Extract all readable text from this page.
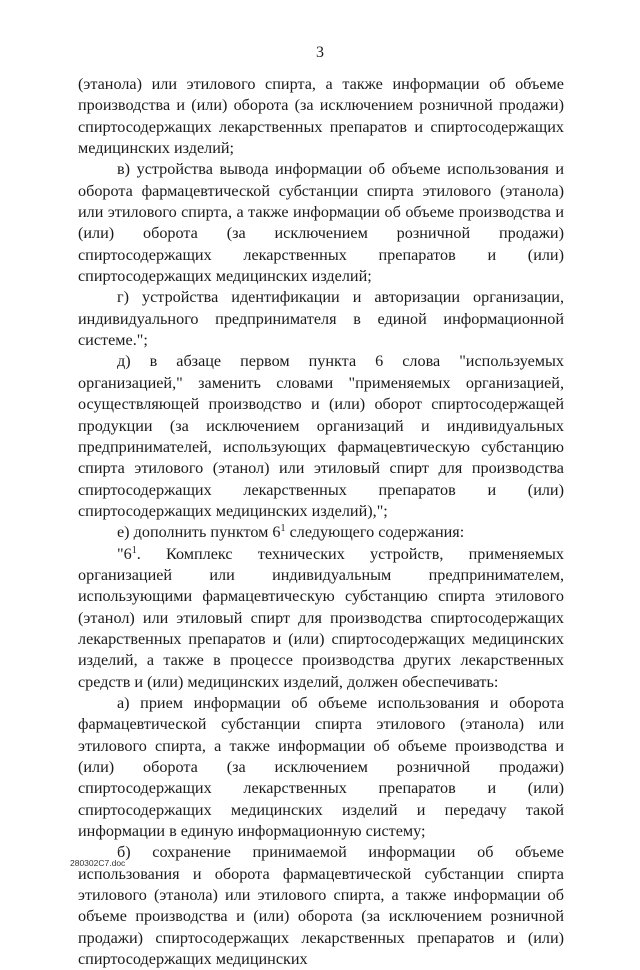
3

(этанола) или этилового спирта, а также информации об объеме производства и (или) оборота (за исключением розничной продажи) спиртосодержащих лекарственных препаратов и спиртосодержащих медицинских изделий;

в) устройства вывода информации об объеме использования и оборота фармацевтической субстанции спирта этилового (этанола) или этилового спирта, а также информации об объеме производства и (или) оборота (за исключением розничной продажи) спиртосодержащих лекарственных препаратов и (или) спиртосодержащих медицинских изделий;

г) устройства идентификации и авторизации организации, индивидуального предпринимателя в единой информационной системе.";

д) в абзаце первом пункта 6 слова "используемых организацией," заменить словами "применяемых организацией, осуществляющей производство и (или) оборот спиртосодержащей продукции (за исключением организаций и индивидуальных предпринимателей, использующих фармацевтическую субстанцию спирта этилового (этанол) или этиловый спирт для производства спиртосодержащих лекарственных препаратов и (или) спиртосодержащих медицинских изделий),";

е) дополнить пунктом $6^1$ следующего содержания:

"$6^1$. Комплекс технических устройств, применяемых организацией или индивидуальным предпринимателем, использующими фармацевтическую субстанцию спирта этилового (этанол) или этиловый спирт для производства спиртосодержащих лекарственных препаратов и (или) спиртосодержащих медицинских изделий, а также в процессе производства других лекарственных средств и (или) медицинских изделий, должен обеспечивать:

а) прием информации об объеме использования и оборота фармацевтической субстанции спирта этилового (этанола) или этилового спирта, а также информации об объеме производства и (или) оборота (за исключением розничной продажи) спиртосодержащих лекарственных препаратов и (или) спиртосодержащих медицинских изделий и передачу такой информации в единую информационную систему;

б) сохранение принимаемой информации об объеме использования и оборота фармацевтической субстанции спирта этилового (этанола) или этилового спирта, а также информации об объеме производства и (или) оборота (за исключением розничной продажи) спиртосодержащих лекарственных препаратов и (или) спиртосодержащих медицинских

280302C7.doc
